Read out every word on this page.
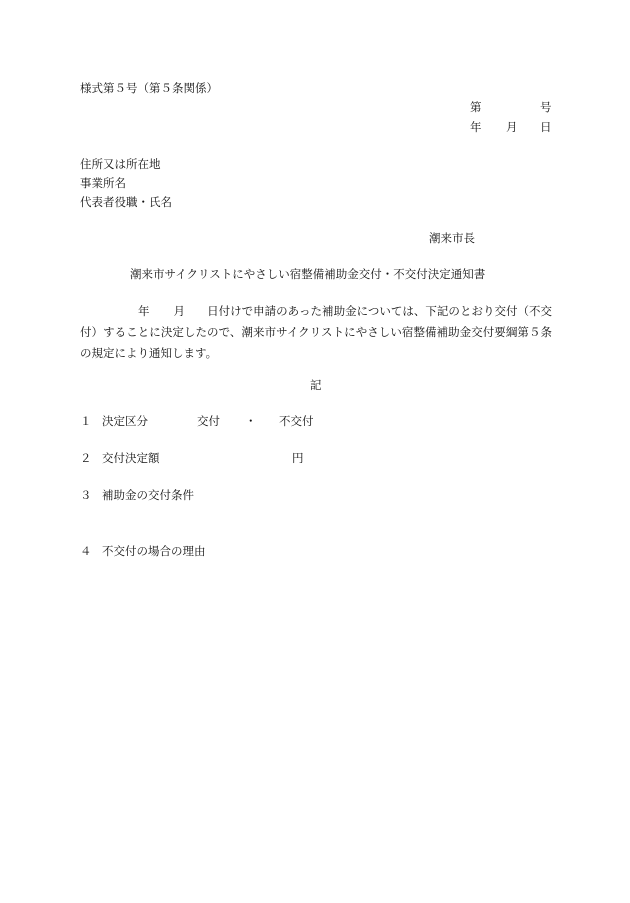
様式第５号（第５条関係）
第	号
年 月 日
住所又は所在地
事業所名
代表者役職・氏名
潮来市長
潮来市サイクリストにやさしい宿整備補助金交付・不交付決定通知書
年 月 日付けで申請のあった補助金については、下記のとおり交付（不交付）することに決定したので、潮来市サイクリストにやさしい宿整備補助金交付要綱第５条の規定により通知します。
記
１ 決定区分	交付 ・ 不交付
２ 交付決定額	円
３ 補助金の交付条件
４ 不交付の場合の理由
